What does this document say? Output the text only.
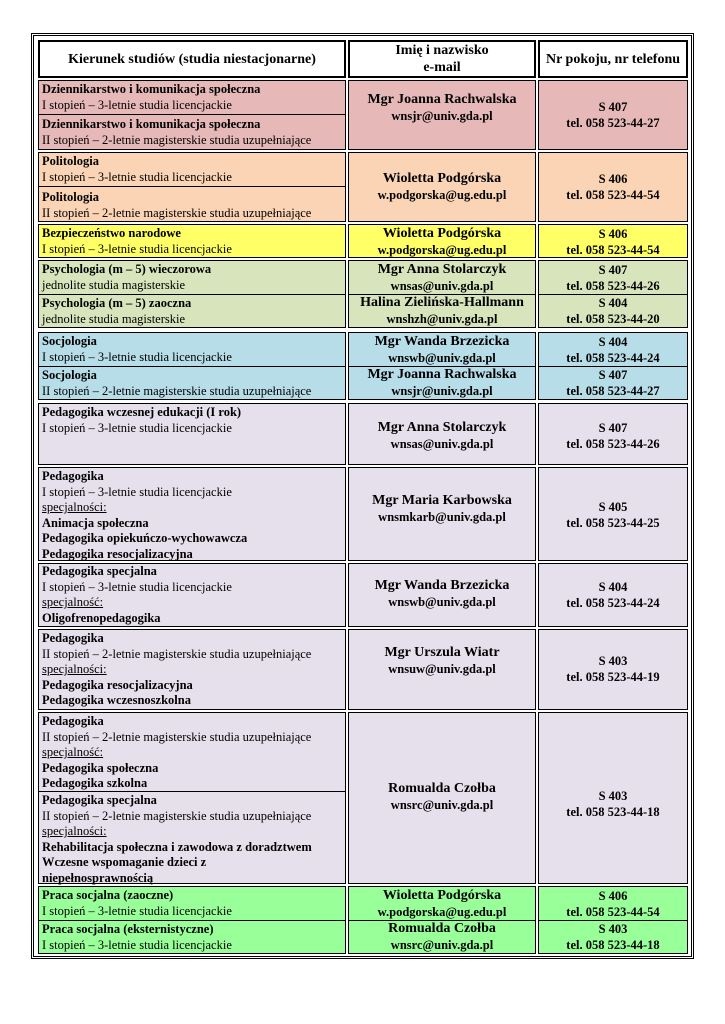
Kierunek studiów (studia niestacjonarne)
Imię i nazwisko
e-mail
Nr pokoju, nr telefonu
Dziennikarstwo i komunikacja społeczna
I stopień – 3-letnie studia licencjackie
Dziennikarstwo i komunikacja społeczna
II stopień – 2-letnie magisterskie studia uzupełniające
Mgr Joanna Rachwalska
wnsjr@univ.gda.pl
S 407
tel. 058 523-44-27
Politologia
I stopień – 3-letnie studia licencjackie
Politologia
II stopień – 2-letnie magisterskie studia uzupełniające
Wioletta Podgórska
w.podgorska@ug.edu.pl
S 406
tel. 058 523-44-54
Bezpieczeństwo narodowe
I stopień – 3-letnie studia licencjackie
Wioletta Podgórska
w.podgorska@ug.edu.pl
S 406
tel. 058 523-44-54
Psychologia (m – 5) wieczorowa
jednolite studia magisterskie
Psychologia (m – 5) zaoczna
jednolite studia magisterskie
Mgr Anna Stolarczyk
wnsas@univ.gda.pl
Halina Zielińska-Hallmann
wnshzh@univ.gda.pl
S 407
tel. 058 523-44-26
S 404
tel. 058 523-44-20
Socjologia
I stopień – 3-letnie studia licencjackie
Socjologia
II stopień – 2-letnie magisterskie studia uzupełniające
Mgr Wanda Brzezicka
wnswb@univ.gda.pl
Mgr Joanna Rachwalska
wnsjr@univ.gda.pl
S 404
tel. 058 523-44-24
S 407
tel. 058 523-44-27
Pedagogika wczesnej edukacji (I rok)
I stopień – 3-letnie studia licencjackie	Mgr Anna Stolarczyk
wnsas@univ.gda.pl
S 407
tel. 058 523-44-26
Pedagogika
I stopień – 3-letnie studia licencjackie
specjalności:
Animacja społeczna
Pedagogika opiekuńczo-wychowawcza
Pedagogika resocjalizacyjna
Mgr Maria Karbowska
wnsmkarb@univ.gda.pl
S 405
tel. 058 523-44-25
Pedagogika specjalna
I stopień – 3-letnie studia licencjackie
specjalność:
Oligofrenopedagogika
Mgr Wanda Brzezicka
wnswb@univ.gda.pl
S 404
tel. 058 523-44-24
Pedagogika
II stopień – 2-letnie magisterskie studia uzupełniające
specjalności:
Pedagogika resocjalizacyjna
Pedagogika wczesnoszkolna
Mgr Urszula Wiatr
wnsuw@univ.gda.pl
S 403
tel. 058 523-44-19
Pedagogika
II stopień – 2-letnie magisterskie studia uzupełniające
specjalność:
Pedagogika społeczna
Pedagogika szkolna
Pedagogika specjalna
II stopień – 2-letnie magisterskie studia uzupełniające
specjalności:
Rehabilitacja społeczna i zawodowa z doradztwem
Wczesne wspomaganie dzieci z
niepełnosprawnością
Romualda Czołba
wnsrc@univ.gda.pl
S 403
tel. 058 523-44-18
Praca socjalna (zaoczne)
I stopień – 3-letnie studia licencjackie
Praca socjalna (eksternistyczne)
I stopień – 3-letnie studia licencjackie
Wioletta Podgórska
w.podgorska@ug.edu.pl
Romualda Czołba
wnsrc@univ.gda.pl
S 406
tel. 058 523-44-54
S 403
tel. 058 523-44-18
